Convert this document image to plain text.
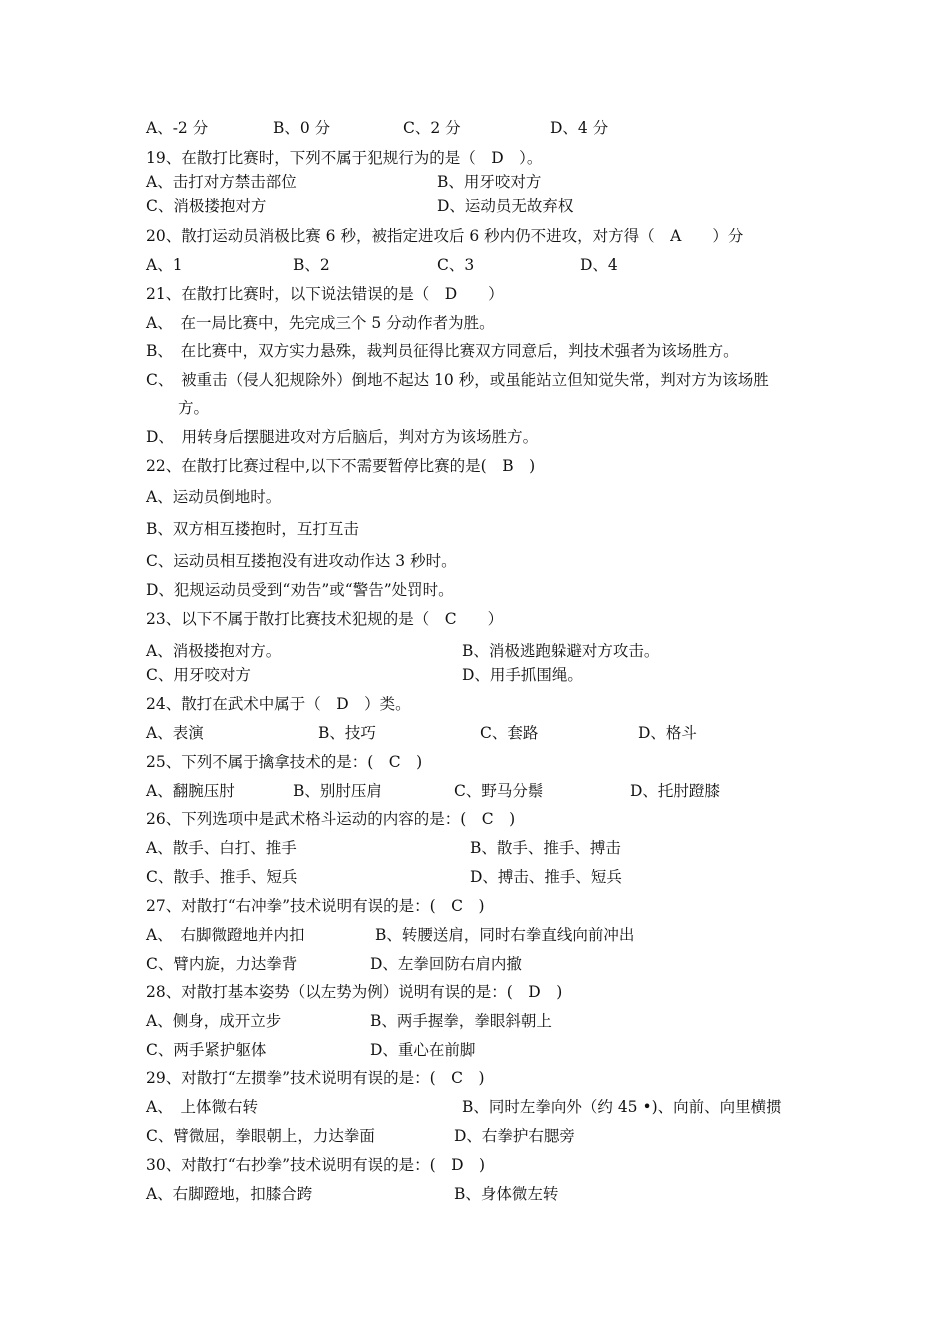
A、-2 分	B、0 分	C、2 分	D、4 分
19、在散打比赛时，下列不属于犯规行为的是（　D　）。
A、击打对方禁击部位	B、用牙咬对方
C、消极搂抱对方	D、运动员无故弃权
20、散打运动员消极比赛 6 秒，被指定进攻后 6 秒内仍不进攻，对方得（　A　　）分
A、1	B、2	C、3	D、4
21、在散打比赛时，以下说法错误的是（　D　　）
A、　在一局比赛中，先完成三个 5 分动作者为胜。
B、　在比赛中，双方实力悬殊，裁判员征得比赛双方同意后，判技术强者为该场胜方。
C、　被重击（侵人犯规除外）倒地不起达 10 秒，或虽能站立但知觉失常，判对方为该场胜
方。
D、　用转身后摆腿进攻对方后脑后，判对方为该场胜方。
22、在散打比赛过程中,以下不需要暂停比赛的是(　B　)
A、运动员倒地时。
B、双方相互搂抱时，互打互击
C、运动员相互搂抱没有进攻动作达 3 秒时。
D、犯规运动员受到“劝告”或“警告”处罚时。
23、以下不属于散打比赛技术犯规的是（　C　　）
A、消极搂抱对方。	B、消极逃跑躲避对方攻击。
C、用牙咬对方	D、用手抓围绳。
24、散打在武术中属于（　D　）类。
A、表演	B、技巧	C、套路	D、格斗
25、下列不属于擒拿技术的是：(　C　)
A、翻腕压肘	B、别肘压肩	C、野马分鬃	D、托肘蹬膝
26、下列选项中是武术格斗运动的内容的是：(　C　)
A、散手、白打、推手	B、散手、推手、搏击
C、散手、推手、短兵	D、搏击、推手、短兵
27、对散打“右冲拳”技术说明有误的是：(　C　)
A、　右脚微蹬地并内扣	B、转腰送肩，同时右拳直线向前冲出
C、臂内旋，力达拳背	D、左拳回防右肩内撤
28、对散打基本姿势（以左势为例）说明有误的是：(　D　)
A、侧身，成开立步	B、两手握拳，拳眼斜朝上
C、两手紧护躯体	D、重心在前脚
29、对散打“左掼拳”技术说明有误的是：(　C　)
A、　上体微右转	B、同时左拳向外（约 45 •)、向前、向里横掼
C、臂微屈，拳眼朝上，力达拳面	D、右拳护右腮旁
30、对散打“右抄拳”技术说明有误的是：(　D　)
A、右脚蹬地，扣膝合跨	B、身体微左转
